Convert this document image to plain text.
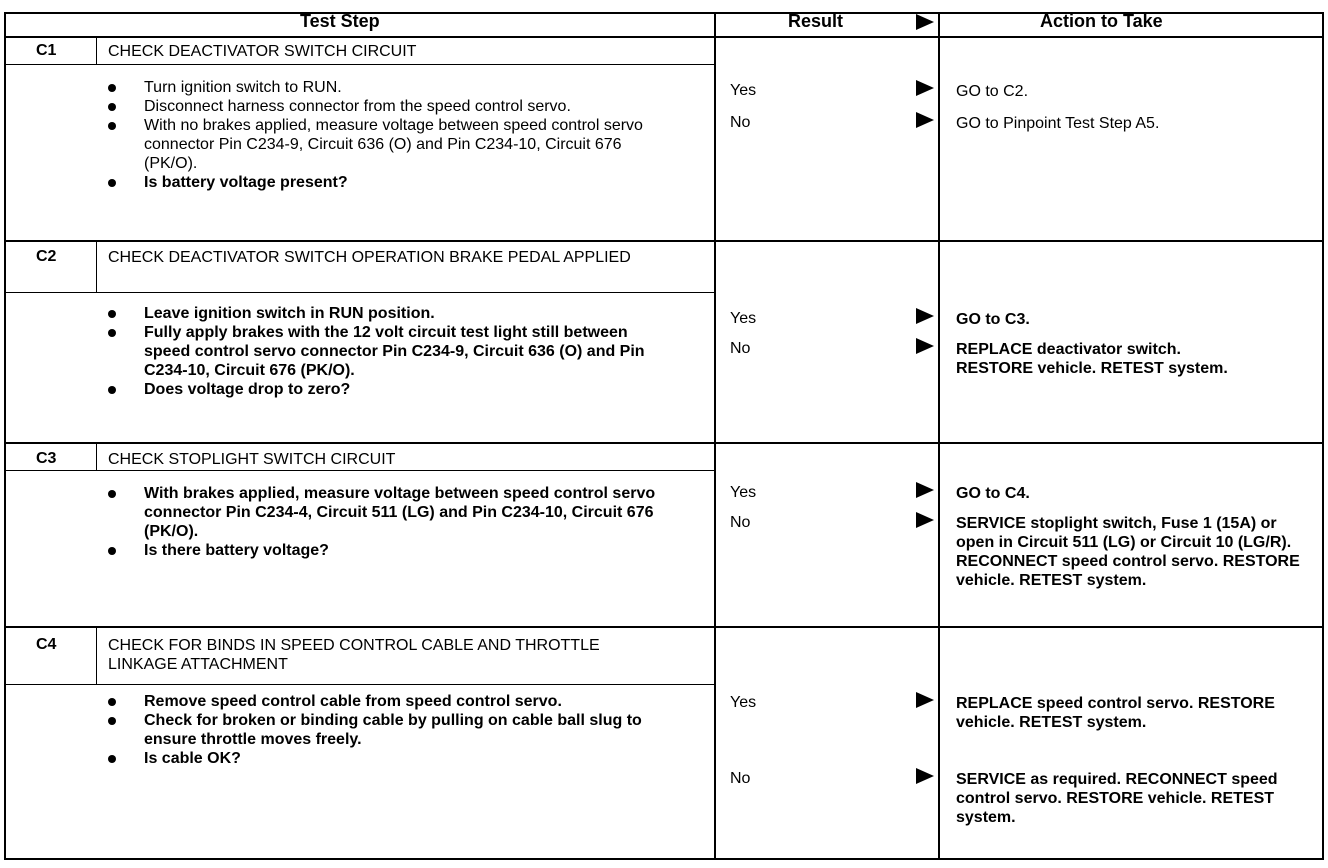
Test Step	Result	Action to Take
C1	CHECK DEACTIVATOR SWITCH CIRCUIT
Turn ignition switch to RUN.
Disconnect harness connector from the speed control servo.
With no brakes applied, measure voltage between speed control servo connector Pin C234-9, Circuit 636 (O) and Pin C234-10, Circuit 676 (PK/O).
Is battery voltage present?
Yes	GO to C2.
No	GO to Pinpoint Test Step A5.
C2	CHECK DEACTIVATOR SWITCH OPERATION BRAKE PEDAL APPLIED
Leave ignition switch in RUN position.
Fully apply brakes with the 12 volt circuit test light still between speed control servo connector Pin C234-9, Circuit 636 (O) and Pin C234-10, Circuit 676 (PK/O).
Does voltage drop to zero?
Yes	GO to C3.
No	REPLACE deactivator switch. RESTORE vehicle. RETEST system.
C3	CHECK STOPLIGHT SWITCH CIRCUIT
With brakes applied, measure voltage between speed control servo connector Pin C234-4, Circuit 511 (LG) and Pin C234-10, Circuit 676 (PK/O).
Is there battery voltage?
Yes	GO to C4.
No	SERVICE stoplight switch, Fuse 1 (15A) or open in Circuit 511 (LG) or Circuit 10 (LG/R). RECONNECT speed control servo. RESTORE vehicle. RETEST system.
C4	CHECK FOR BINDS IN SPEED CONTROL CABLE AND THROTTLE LINKAGE ATTACHMENT
Remove speed control cable from speed control servo.
Check for broken or binding cable by pulling on cable ball slug to ensure throttle moves freely.
Is cable OK?
Yes	REPLACE speed control servo. RESTORE vehicle. RETEST system.
No	SERVICE as required. RECONNECT speed control servo. RESTORE vehicle. RETEST system.
